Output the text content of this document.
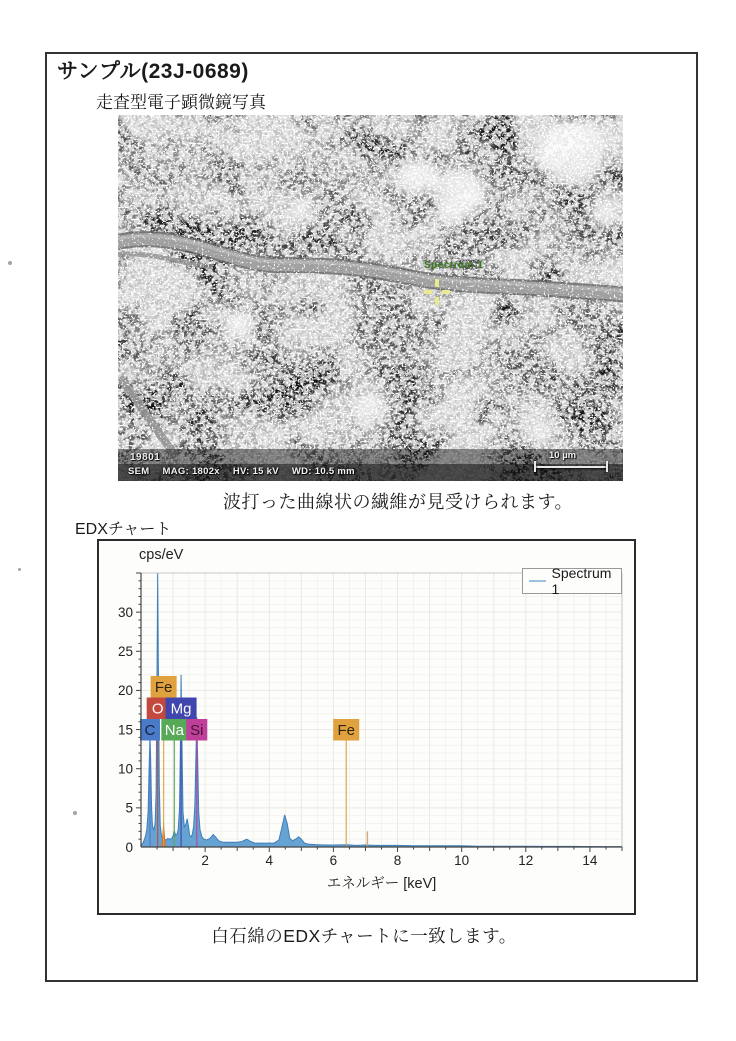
サンプル(23J-0689)
走査型電子顕微鏡写真
Spectrum 1
19801
SEM MAG: 1802x HV: 15 kV WD: 10.5 mm
10 µm
波打った曲線状の繊維が見受けられます。
EDXチャート
Fe
O Mg
C Na Si	Fe
2	4	6	8	10	12	14
0
5
10
15
20
25
30
cps/eV
Spectrum 1
エネルギー [keV]
白石綿のEDXチャートに一致します。
